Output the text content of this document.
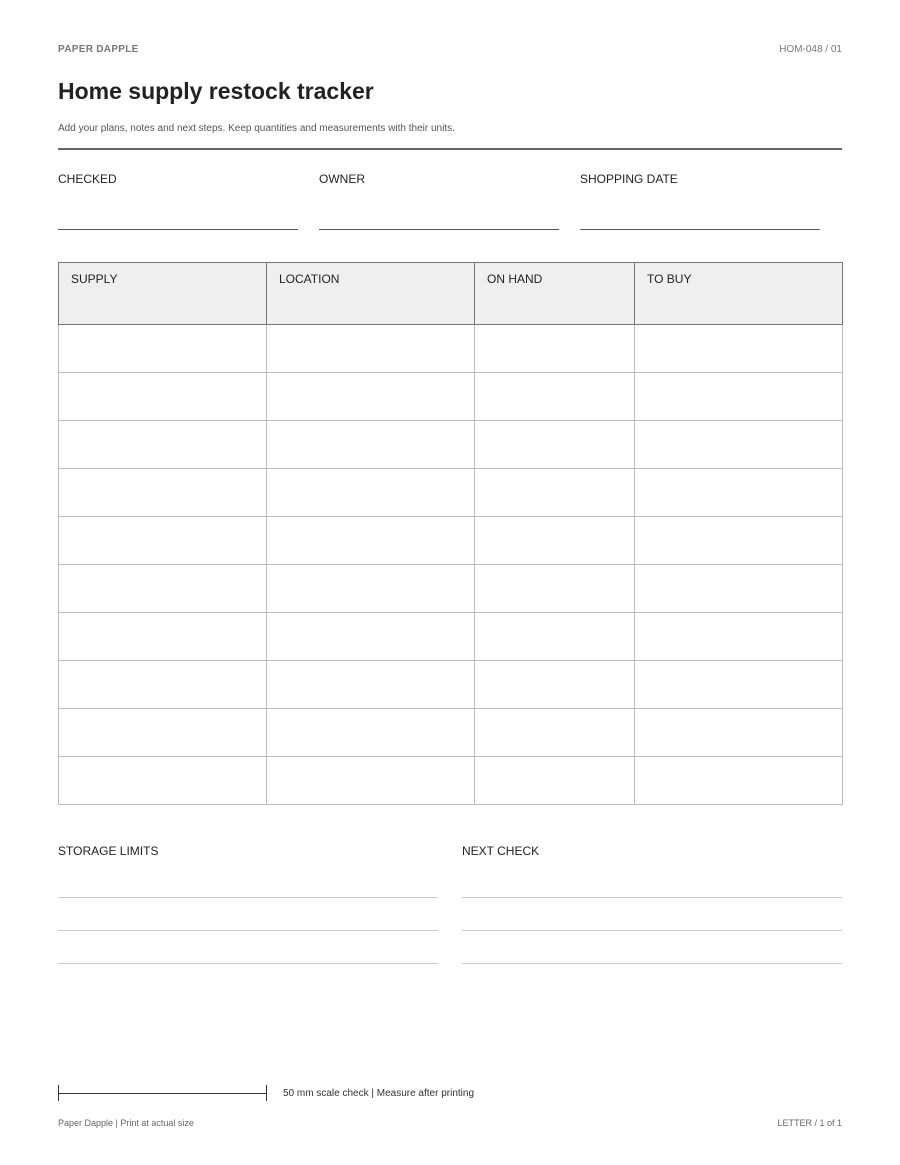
PAPER DAPPLE	HOM-048 / 01
Home supply restock tracker
Add your plans, notes and next steps. Keep quantities and measurements with their units.
CHECKED	OWNER	SHOPPING DATE
SUPPLY	LOCATION	ON HAND	TO BUY

STORAGE LIMITS	NEXT CHECK
50 mm scale check | Measure after printing
Paper Dapple | Print at actual size	LETTER / 1 of 1
